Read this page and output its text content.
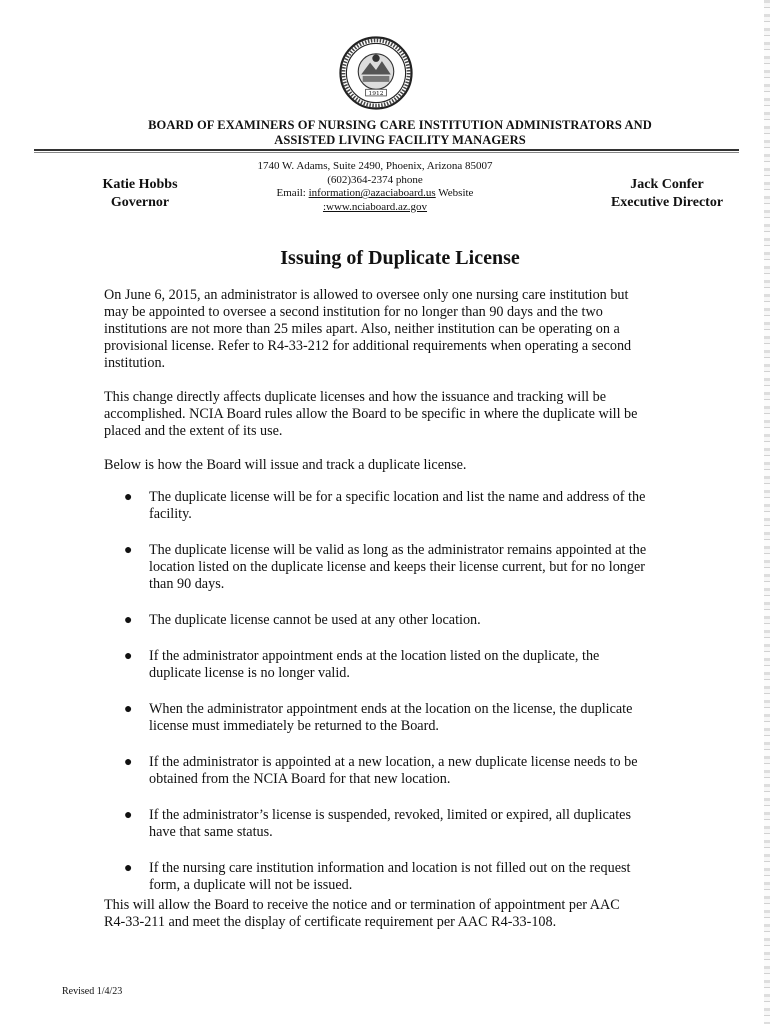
1912
BOARD OF EXAMINERS OF NURSING CARE INSTITUTION ADMINISTRATORS AND
ASSISTED LIVING FACILITY MANAGERS
Katie Hobbs
Governor
1740 W. Adams, Suite 2490, Phoenix, Arizona 85007
(602)364-2374 phone
Email: information@azaciaboard.us Website
:www.nciaboard.az.gov
Jack Confer
Executive Director
Issuing of Duplicate License

On June 6, 2015, an administrator is allowed to oversee only one nursing care institution but may be appointed to oversee a second institution for no longer than 90 days and the two institutions are not more than 25 miles apart. Also, neither institution can be operating on a provisional license. Refer to R4-33-212 for additional requirements when operating a second institution.

This change directly affects duplicate licenses and how the issuance and tracking will be accomplished. NCIA Board rules allow the Board to be specific in where the duplicate will be placed and the extent of its use.

Below is how the Board will issue and track a duplicate license.

● The duplicate license will be for a specific location and list the name and address of the facility.
● The duplicate license will be valid as long as the administrator remains appointed at the location listed on the duplicate license and keeps their license current, but for no longer than 90 days.
● The duplicate license cannot be used at any other location.
● If the administrator appointment ends at the location listed on the duplicate, the duplicate license is no longer valid.
● When the administrator appointment ends at the location on the license, the duplicate license must immediately be returned to the Board.
● If the administrator is appointed at a new location, a new duplicate license needs to be obtained from the NCIA Board for that new location.
● If the administrator’s license is suspended, revoked, limited or expired, all duplicates have that same status.
● If the nursing care institution information and location is not filled out on the request form, a duplicate will not be issued.

This will allow the Board to receive the notice and or termination of appointment per AAC R4-33-211 and meet the display of certificate requirement per AAC R4-33-108.

Revised 1/4/23
